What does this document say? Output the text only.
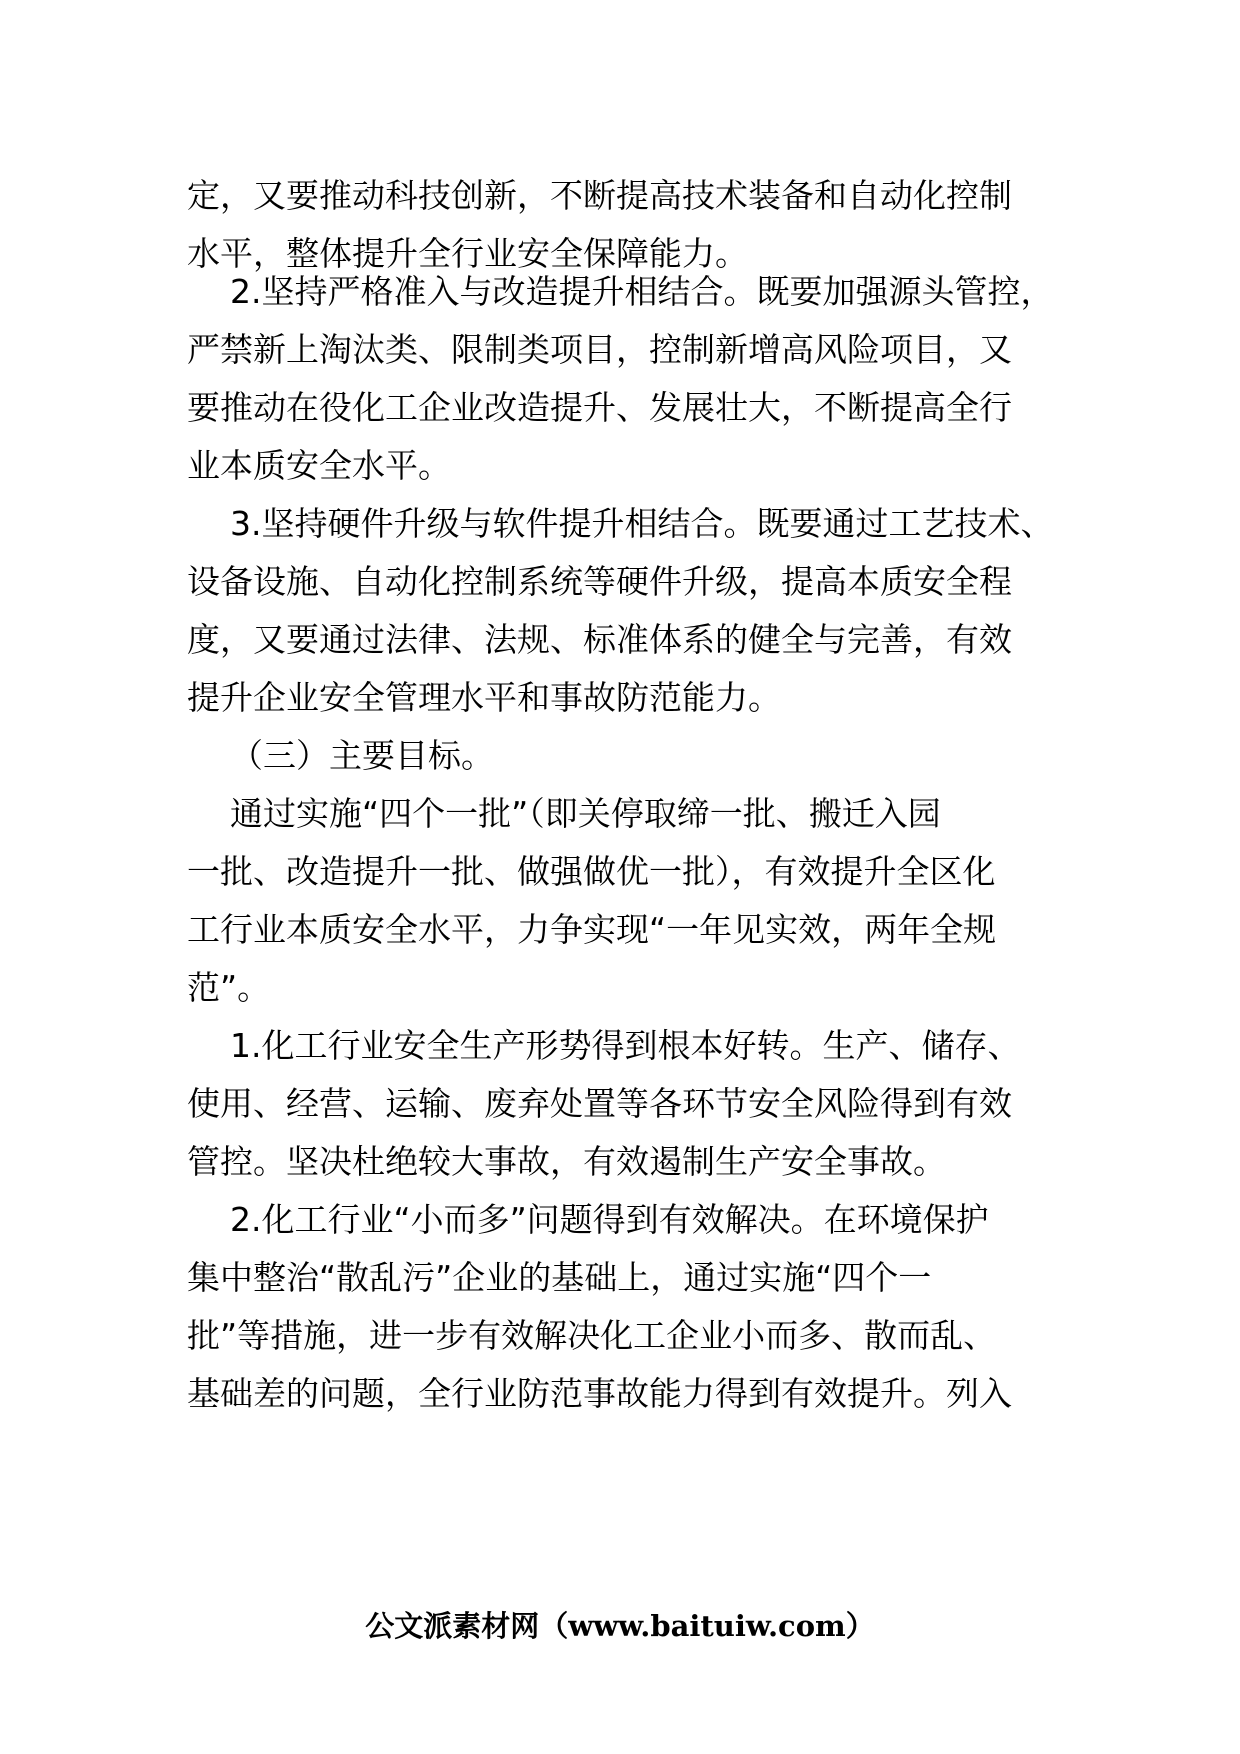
定，又要推动科技创新，不断提高技术装备和自动化控制
水平，整体提升全行业安全保障能力。
2.坚持严格准入与改造提升相结合。既要加强源头管控，
严禁新上淘汰类、限制类项目，控制新增高风险项目，又
要推动在役化工企业改造提升、发展壮大，不断提高全行
业本质安全水平。
3.坚持硬件升级与软件提升相结合。既要通过工艺技术、
设备设施、自动化控制系统等硬件升级，提高本质安全程
度，又要通过法律、法规、标准体系的健全与完善，有效
提升企业安全管理水平和事故防范能力。
（三）主要目标。
通过实施“四个一批”（即关停取缔一批、搬迁入园
一批、改造提升一批、做强做优一批），有效提升全区化
工行业本质安全水平，力争实现“一年见实效，两年全规
范”。
1.化工行业安全生产形势得到根本好转。生产、储存、
使用、经营、运输、废弃处置等各环节安全风险得到有效
管控。坚决杜绝较大事故，有效遏制生产安全事故。
2.化工行业“小而多”问题得到有效解决。在环境保护
集中整治“散乱污”企业的基础上，通过实施“四个一
批”等措施，进一步有效解决化工企业小而多、散而乱、
基础差的问题，全行业防范事故能力得到有效提升。列入
公文派素材网（www.baituiw.com）
